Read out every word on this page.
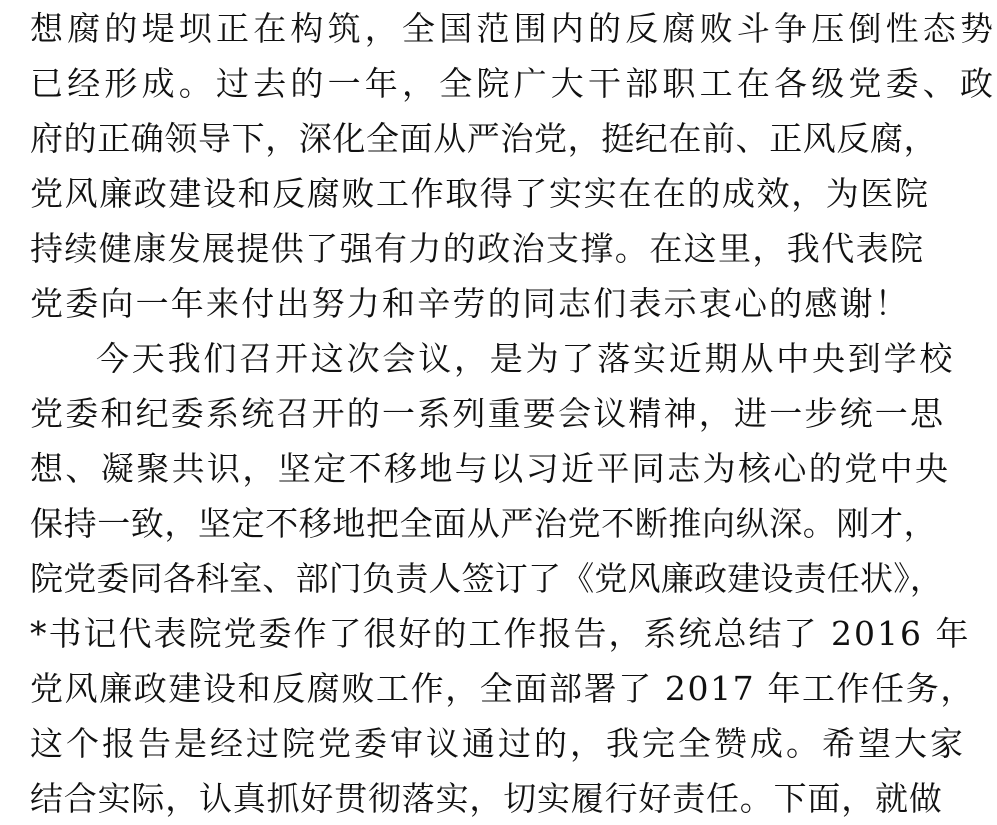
想腐的堤坝正在构筑，全国范围内的反腐败斗争压倒性态势
已经形成。过去的一年，全院广大干部职工在各级党委、政
府的正确领导下，深化全面从严治党，挺纪在前、正风反腐，
党风廉政建设和反腐败工作取得了实实在在的成效，为医院
持续健康发展提供了强有力的政治支撑。在这里，我代表院
党委向一年来付出努力和辛劳的同志们表示衷心的感谢！
今天我们召开这次会议，是为了落实近期从中央到学校
党委和纪委系统召开的一系列重要会议精神，进一步统一思
想、凝聚共识，坚定不移地与以习近平同志为核心的党中央
保持一致，坚定不移地把全面从严治党不断推向纵深。刚才，
院党委同各科室、部门负责人签订了《党风廉政建设责任状》，
*书记代表院党委作了很好的工作报告，系统总结了 2016 年
党风廉政建设和反腐败工作，全面部署了 2017 年工作任务，
这个报告是经过院党委审议通过的，我完全赞成。希望大家
结合实际，认真抓好贯彻落实，切实履行好责任。下面，就做
